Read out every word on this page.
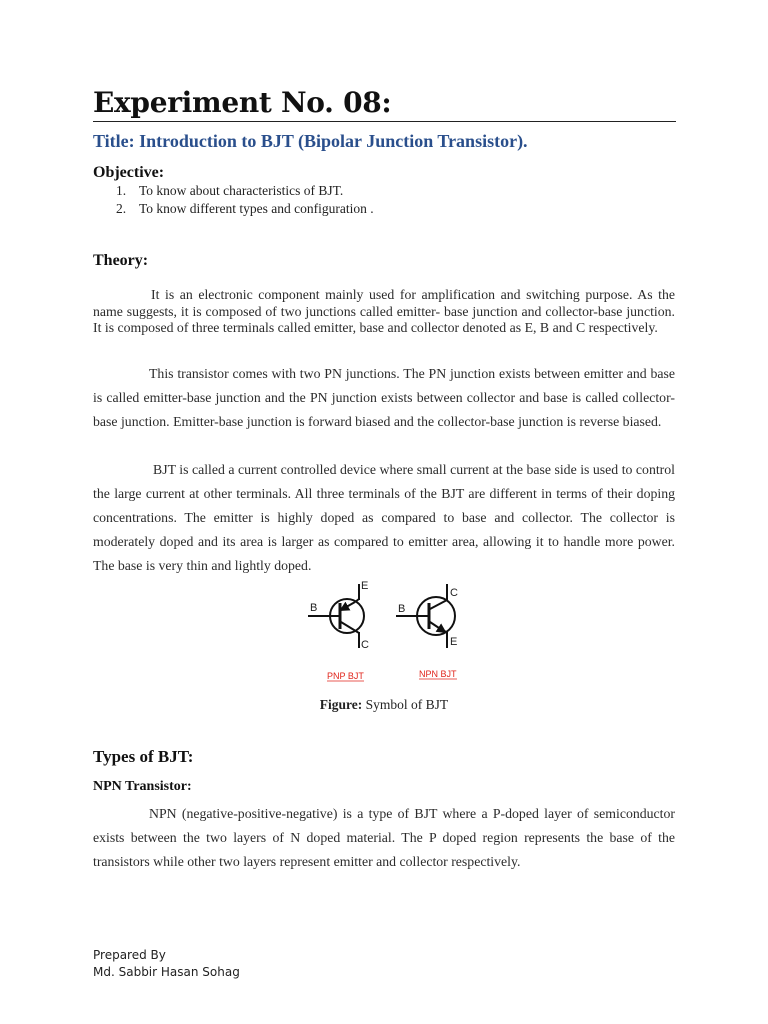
Experiment No. 08:
Title: Introduction to BJT (Bipolar Junction Transistor).
Objective:
1. To know about characteristics of BJT.
2. To know different types and configuration .
Theory:

It is an electronic component mainly used for amplification and switching purpose. As the name suggests, it is composed of two junctions called emitter- base junction and collector-base junction. It is composed of three terminals called emitter, base and collector denoted as E, B and C respectively.

This transistor comes with two PN junctions. The PN junction exists between emitter and base is called emitter-base junction and the PN junction exists between collector and base is called collector-base junction. Emitter-base junction is forward biased and the collector-base junction is reverse biased.

BJT is called a current controlled device where small current at the base side is used to control the large current at other terminals. All three terminals of the BJT are different in terms of their doping concentrations. The emitter is highly doped as compared to base and collector. The collector is moderately doped and its area is larger as compared to emitter area, allowing it to handle more power. The base is very thin and lightly doped.

E
B
C
PNP BJT
C
B
E
NPN BJT
Figure: Symbol of BJT
Types of BJT:
NPN Transistor:

NPN (negative-positive-negative) is a type of BJT where a P-doped layer of semiconductor exists between the two layers of N doped material. The P doped region represents the base of the transistors while other two layers represent emitter and collector respectively.

Prepared By
Md. Sabbir Hasan Sohag
